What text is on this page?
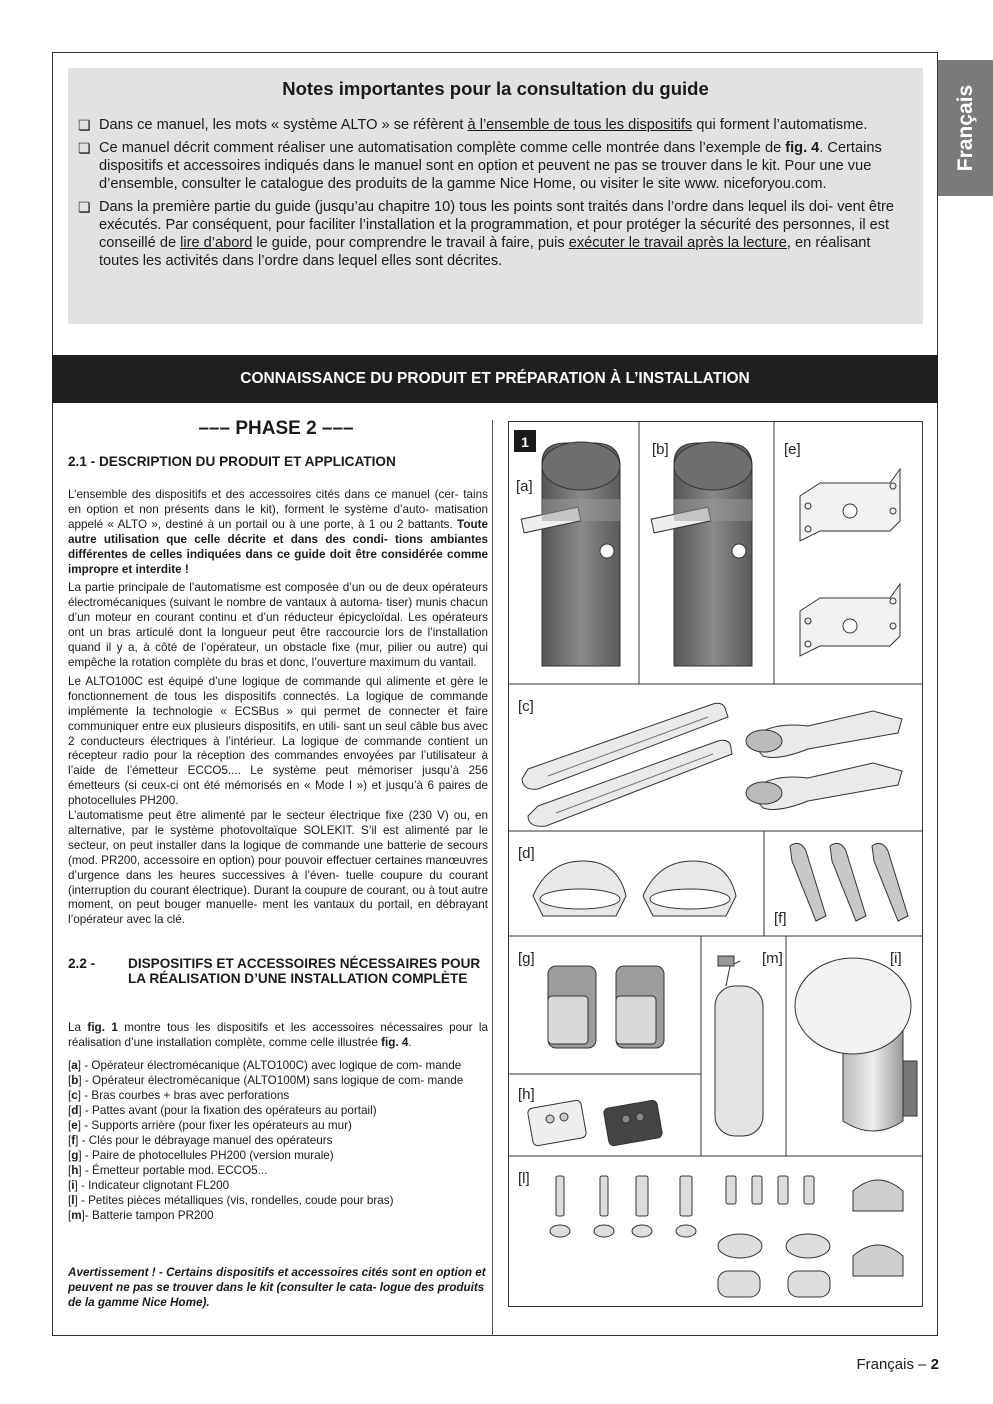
Français
Notes importantes pour la consultation du guide
❏ Dans ce manuel, les mots « système ALTO » se réfèrent à l’ensemble de tous les dispositifs qui forment l’automatisme.
❏ Ce manuel décrit comment réaliser une automatisation complète comme celle montrée dans l’exemple de fig. 4. Certains dispositifs et accessoires indiqués dans le manuel sont en option et peuvent ne pas se trouver dans le kit. Pour une vue d’ensemble, consulter le catalogue des produits de la gamme Nice Home, ou visiter le site www. niceforyou.com.
❏ Dans la première partie du guide (jusqu’au chapitre 10) tous les points sont traités dans l’ordre dans lequel ils doi- vent être exécutés. Par conséquent, pour faciliter l’installation et la programmation, et pour protéger la sécurité des personnes, il est conseillé de lire d’abord le guide, pour comprendre le travail à faire, puis exécuter le travail après la lecture, en réalisant toutes les activités dans l’ordre dans lequel elles sont décrites.
CONNAISSANCE DU PRODUIT ET PRÉPARATION À L’INSTALLATION
––– PHASE 2 –––
2.1 - DESCRIPTION DU PRODUIT ET APPLICATION

L’ensemble des dispositifs et des accessoires cités dans ce manuel (cer- tains en option et non présents dans le kit), forment le système d’auto- matisation appelé « ALTO », destiné à un portail ou à une porte, à 1 ou 2 battants. Toute autre utilisation que celle décrite et dans des condi- tions ambiantes différentes de celles indiquées dans ce guide doit être considérée comme impropre et interdite !

La partie principale de l’automatisme est composée d’un ou de deux opérateurs électromécaniques (suivant le nombre de vantaux à automa- tiser) munis chacun d’un moteur en courant continu et d’un réducteur épicycloïdal. Les opérateurs ont un bras articulé dont la longueur peut être raccourcie lors de l’installation quand il y a, à côté de l’opérateur, un obstacle fixe (mur, pilier ou autre) qui empêche la rotation complète du bras et donc, l’ouverture maximum du vantail.

Le ALTO100C est équipé d’une logique de commande qui alimente et gère le fonctionnement de tous les dispositifs connectés. La logique de commande implémente la technologie « ECSBus » qui permet de connecter et faire communiquer entre eux plusieurs dispositifs, en utili- sant un seul câble bus avec 2 conducteurs électriques à l’intérieur. La logique de commande contient un récepteur radio pour la réception des commandes envoyées par l’utilisateur à l’aide de l’émetteur ECCO5.... Le système peut mémoriser jusqu’à 256 émetteurs (si ceux-ci ont été mémorisés en « Mode I ») et jusqu’à 6 paires de photocellules PH200.

L’automatisme peut être alimenté par le secteur électrique fixe (230 V) ou, en alternative, par le système photovoltaïque SOLEKIT. S’il est alimenté par le secteur, on peut installer dans la logique de commande une batterie de secours (mod. PR200, accessoire en option) pour pouvoir effectuer certaines manœuvres d’urgence dans les heures successives à l’éven- tuelle coupure du courant (interruption du courant électrique). Durant la coupure de courant, ou à tout autre moment, on peut bouger manuelle- ment les vantaux du portail, en débrayant l’opérateur avec la clé.

2.2 -	DISPOSITIFS ET ACCESSOIRES NÉCESSAIRES POUR LA RÉALISATION D’UNE INSTALLATION COMPLÈTE

La fig. 1 montre tous les dispositifs et les accessoires nécessaires pour la réalisation d’une installation complète, comme celle illustrée fig. 4.

[a] - Opérateur électromécanique (ALTO100C) avec logique de com- mande
[b] - Opérateur électromécanique (ALTO100M) sans logique de com- mande
[c] - Bras courbes + bras avec perforations
[d] - Pattes avant (pour la fixation des opérateurs au portail)
[e] - Supports arrière (pour fixer les opérateurs au mur)
[f] - Clés pour le débrayage manuel des opérateurs
[g] - Paire de photocellules PH200 (version murale)
[h] - Émetteur portable mod. ECCO5...
[i] - Indicateur clignotant FL200
[l] - Petites pièces métalliques (vis, rondelles, coude pour bras)
[m]- Batterie tampon PR200
Avertissement ! - Certains dispositifs et accessoires cités sont en option et peuvent ne pas se trouver dans le kit (consulter le cata- logue des produits de la gamme Nice Home).
1
[a]
[b]	[e]
[c]
[d]
[f]
[g]	[m]	[i]
[h]
[l]
Français – 2
